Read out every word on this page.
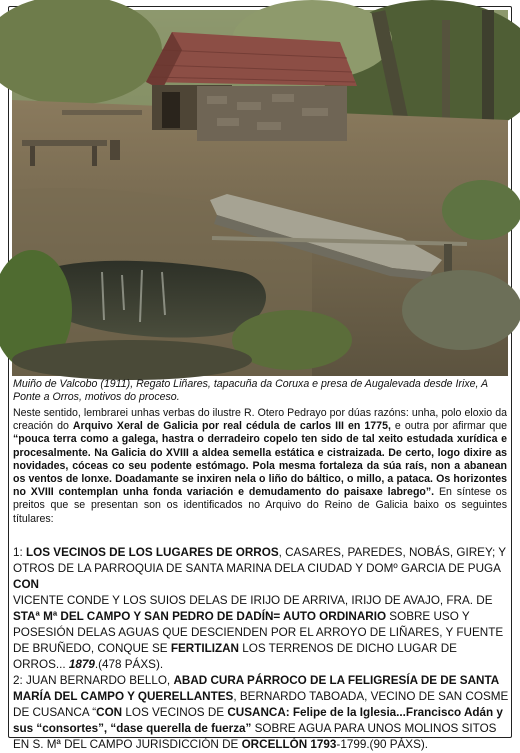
Muiño de Valcobo (1911), Regato Liñares, tapacuña da Coruxa e presa de Augalevada desde Irixe, A Ponte a Orros, motivos do proceso.

Neste sentido, lembrarei unhas verbas do ilustre R. Otero Pedrayo por dúas razóns: unha, polo eloxio da creación do Arquivo Xeral de Galicia por real cédula de carlos III en 1775, e outra por afirmar que “pouca terra como a galega, hastra o derradeiro copelo ten sido de tal xeito estudada xurídica e procesalmente. Na Galicia do XVIII a aldea semella estática e cistraizada. De certo, logo dixire as novidades, cóceas co seu podente estómago. Pola mesma fortaleza da súa raís, non a abanean os ventos de lonxe. Doadamante se inxiren nela o liño do báltico, o millo, a pataca. Os horizontes no XVIII contemplan unha fonda variación e demudamento do paisaxe labrego”. En síntese os preitos que se presentan son os identificados no Arquivo do Reino de Galicia baixo os seguintes títulares:

1: LOS VECINOS DE LOS LUGARES DE ORROS, CASARES, PAREDES, NOBÁS, GIREY; Y OTROS DE LA PARROQUIA DE SANTA MARINA DELA CIUDAD Y DOMº GARCIA DE PUGA
CON
VICENTE CONDE Y LOS SUIOS DELAS DE IRIJO DE ARRIVA, IRIJO DE AVAJO, FRA. DE STAª Mª DEL CAMPO Y SAN PEDRO DE DADÍN= AUTO ORDINARIO SOBRE USO Y POSESIÓN DELAS AGUAS QUE DESCIENDEN POR EL ARROYO DE LIÑARES, Y FUENTE DE BRUÑEDO, CONQUE SE FERTILIZAN LOS TERRENOS DE DICHO LUGAR DE ORROS... 1879.(478 PÁXS).

2: JUAN BERNARDO BELLO, ABAD CURA PÁRROCO DE LA FELIGRESÍA DE DE SANTA MARÍA DEL CAMPO Y QUERELLANTES, BERNARDO TABOADA, VECINO DE SAN COSME DE CUSANCA “CON LOS VECINOS DE CUSANCA: Felipe de la Iglesia...Francisco Adán y sus “consortes”, “dase querella de fuerza” SOBRE AGUA PARA UNOS MOLINOS SITOS EN S. Mª DEL CAMPO JURISDICCIÓN DE ORCELLÓN 1793-1799.(90 PÁXS).
